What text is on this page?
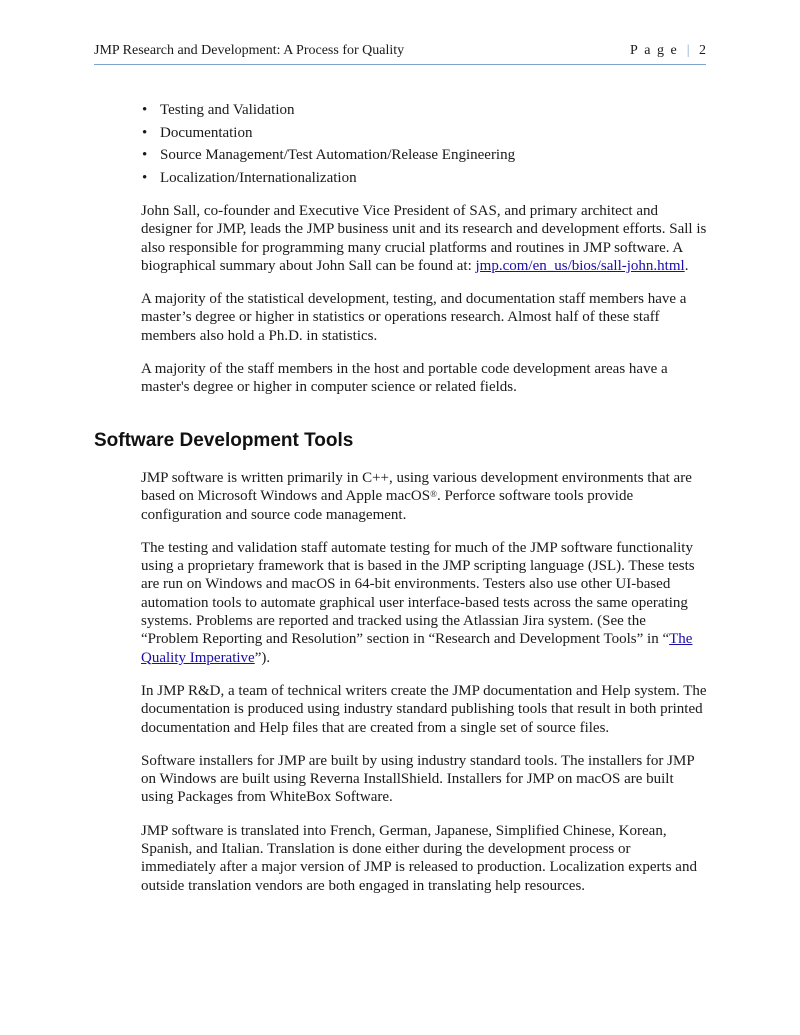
JMP Research and Development: A Process for Quality	Page | 2
• Testing and Validation
• Documentation
• Source Management/Test Automation/Release Engineering
• Localization/Internationalization

John Sall, co-founder and Executive Vice President of SAS, and primary architect and designer for JMP, leads the JMP business unit and its research and development efforts. Sall is also responsible for programming many crucial platforms and routines in JMP software. A biographical summary about John Sall can be found at: jmp.com/en_us/bios/sall-john.html.

A majority of the statistical development, testing, and documentation staff members have a master’s degree or higher in statistics or operations research. Almost half of these staff members also hold a Ph.D. in statistics.

A majority of the staff members in the host and portable code development areas have a master's degree or higher in computer science or related fields.

Software Development Tools

JMP software is written primarily in C++, using various development environments that are based on Microsoft Windows and Apple macOS®. Perforce software tools provide configuration and source code management.

The testing and validation staff automate testing for much of the JMP software functionality using a proprietary framework that is based in the JMP scripting language (JSL). These tests are run on Windows and macOS in 64-bit environments. Testers also use other UI-based automation tools to automate graphical user interface-based tests across the same operating systems. Problems are reported and tracked using the Atlassian Jira system. (See the “Problem Reporting and Resolution” section in “Research and Development Tools” in “The Quality Imperative”).

In JMP R&D, a team of technical writers create the JMP documentation and Help system. The documentation is produced using industry standard publishing tools that result in both printed documentation and Help files that are created from a single set of source files.

Software installers for JMP are built by using industry standard tools. The installers for JMP on Windows are built using Reverna InstallShield. Installers for JMP on macOS are built using Packages from WhiteBox Software.

JMP software is translated into French, German, Japanese, Simplified Chinese, Korean, Spanish, and Italian. Translation is done either during the development process or immediately after a major version of JMP is released to production. Localization experts and outside translation vendors are both engaged in translating help resources.
